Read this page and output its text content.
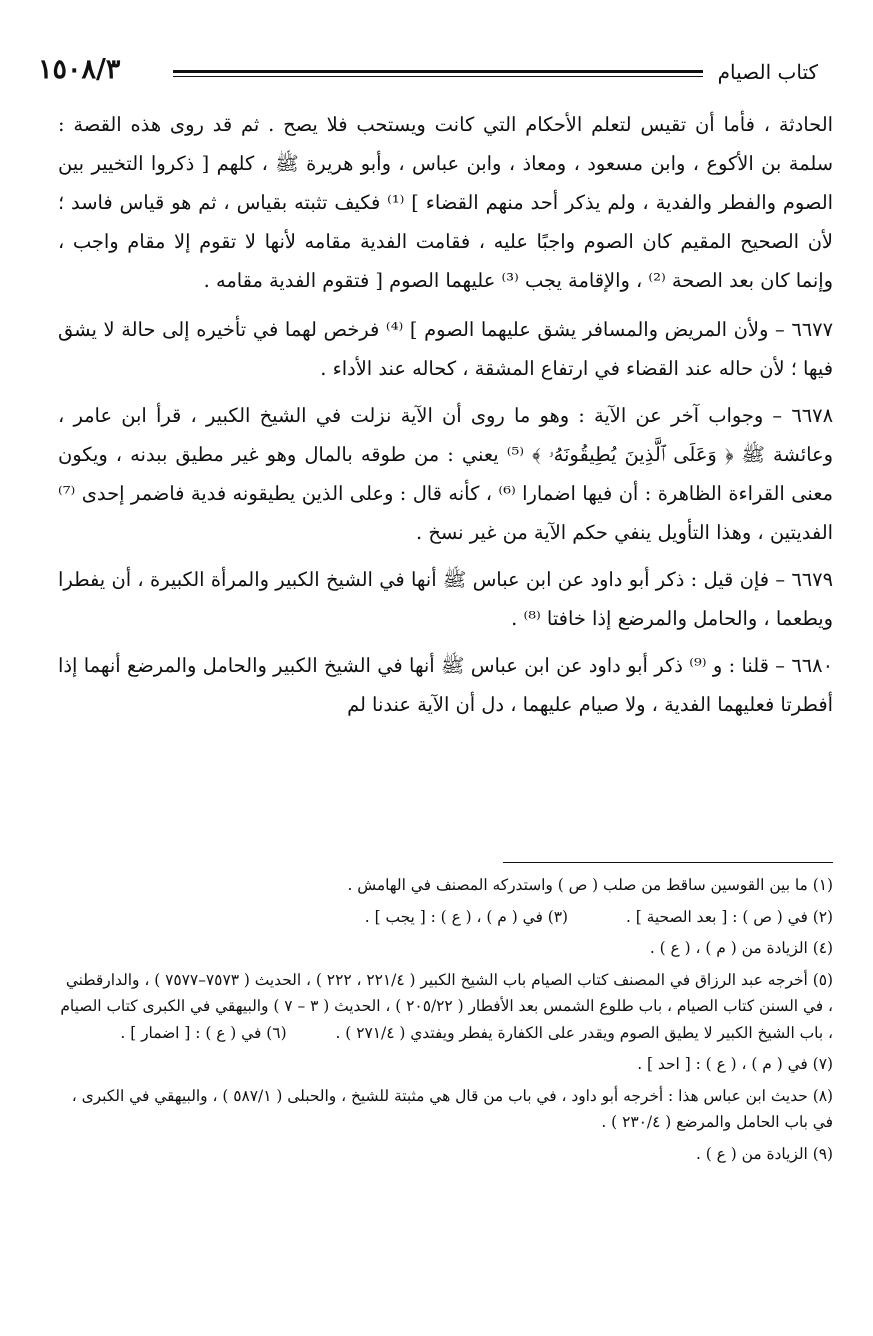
١٥٠٨/٣	كتاب الصيام

الحادثة ، فأما أن تقيس لتعلم الأحكام التي كانت ويستحب فلا يصح . ثم قد روى هذه القصة : سلمة بن الأكوع ، وابن مسعود ، ومعاذ ، وابن عباس ، وأبو هريرة ﷺ ، كلهم [ ذكروا التخيير بين الصوم والفطر والفدية ، ولم يذكر أحد منهم القضاء ] ⁽¹⁾ فكيف تثبته بقياس ، ثم هو قياس فاسد ؛ لأن الصحيح المقيم كان الصوم واجبًا عليه ، فقامت الفدية مقامه لأنها لا تقوم إلا مقام واجب ، وإنما كان بعد الصحة ⁽²⁾ ، والإقامة يجب ⁽³⁾ عليهما الصوم [ فتقوم الفدية مقامه .

٦٦٧٧ – ولأن المريض والمسافر يشق عليهما الصوم ] ⁽⁴⁾ فرخص لهما في تأخيره إلى حالة لا يشق فيها ؛ لأن حاله عند القضاء في ارتفاع المشقة ، كحاله عند الأداء .

٦٦٧٨ – وجواب آخر عن الآية : وهو ما روى أن الآية نزلت في الشيخ الكبير ، قرأ ابن عامر ، وعائشة ﷺ ﴿ وَعَلَى ٱلَّذِينَ يُطِيقُونَهُۥ ﴾ ⁽⁵⁾ يعني : من طوقه بالمال وهو غير مطيق ببدنه ، ويكون معنى القراءة الظاهرة : أن فيها اضمارا ⁽⁶⁾ ، كأنه قال : وعلى الذين يطيقونه فدية فاضمر إحدى ⁽⁷⁾ الفديتين ، وهذا التأويل ينفي حكم الآية من غير نسخ .

٦٦٧٩ – فإن قيل : ذكر أبو داود عن ابن عباس ﷺ أنها في الشيخ الكبير والمرأة الكبيرة ، أن يفطرا ويطعما ، والحامل والمرضع إذا خافتا ⁽⁸⁾ .

٦٦٨٠ – قلنا : و ⁽⁹⁾ ذكر أبو داود عن ابن عباس ﷺ أنها في الشيخ الكبير والحامل والمرضع أنهما إذا أفطرتا فعليهما الفدية ، ولا صيام عليهما ، دل أن الآية عندنا لم

(١) ما بين القوسين ساقط من صلب ( ص ) واستدركه المصنف في الهامش .

(٢) في ( ص ) : [ بعد الصحية ] .
(٣) في ( م ) ، ( ع ) : [ يجب ] .

(٤) الزيادة من ( م ) ، ( ع ) .

(٥) أخرجه عبد الرزاق في المصنف كتاب الصيام باب الشيخ الكبير ( ٢٢١/٤ ، ٢٢٢ ) ، الحديث ( ٧٥٧٣–٧٥٧٧ ) ، والدارقطني ، في السنن كتاب الصيام ، باب طلوع الشمس بعد الأفطار ( ٢٠٥/٢٢ ) ، الحديث ( ٣ – ٧ ) والبيهقي في الكبرى كتاب الصيام ، باب الشيخ الكبير لا يطيق الصوم ويقدر على الكفارة يفطر ويفتدي ( ٢٧١/٤ ) .          (٦) في ( ع ) : [ اضمار ] .

(٧) في ( م ) ، ( ع ) : [ احد ] .

(٨) حديث ابن عباس هذا : أخرجه أبو داود ، في باب من قال هي مثبتة للشيخ ، والحبلى ( ٥٨٧/١ ) ، والبيهقي في الكبرى ، في باب الحامل والمرضع ( ٢٣٠/٤ ) .

(٩) الزيادة من ( ع ) .
